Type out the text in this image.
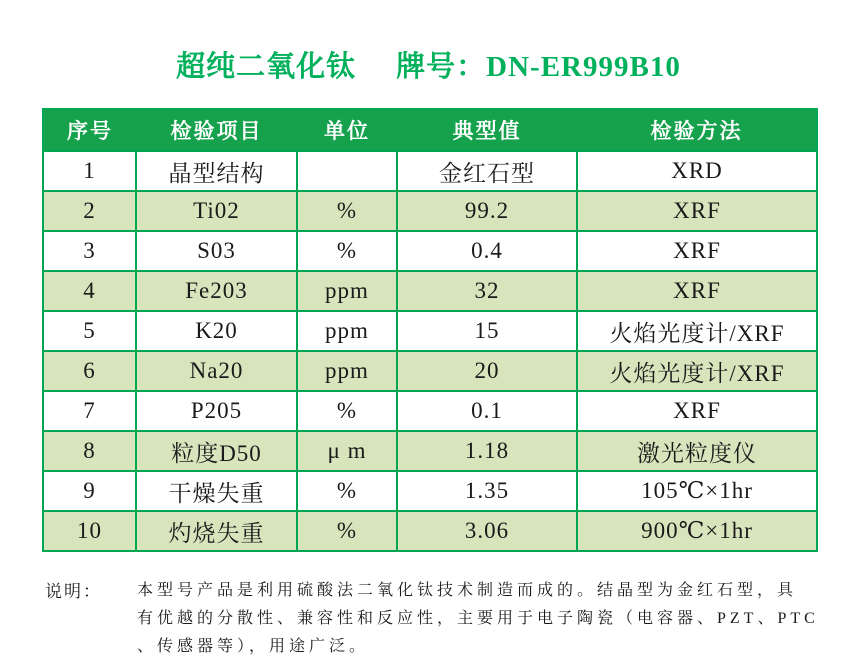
超纯二氧化钛 牌号：DN-ER999B10
序号	检验项目	单位	典型值	检验方法
1	晶型结构		金红石型	XRD
2	Ti02	%	99.2	XRF
3	S03	%	0.4	XRF
4	Fe203	ppm	32	XRF
5	K20	ppm	15	火焰光度计/XRF
6	Na20	ppm	20	火焰光度计/XRF
7	P205	%	0.1	XRF
8	粒度D50	μ m	1.18	激光粒度仪
9	干燥失重	%	1.35	105℃×1hr
10	灼烧失重	%	3.06	900℃×1hr
说明： 本型号产品是利用硫酸法二氧化钛技术制造而成的。结晶型为金红石型，具
有优越的分散性、兼容性和反应性，主要用于电子陶瓷（电容器、PZT、PTC
、传感器等），用途广泛。
